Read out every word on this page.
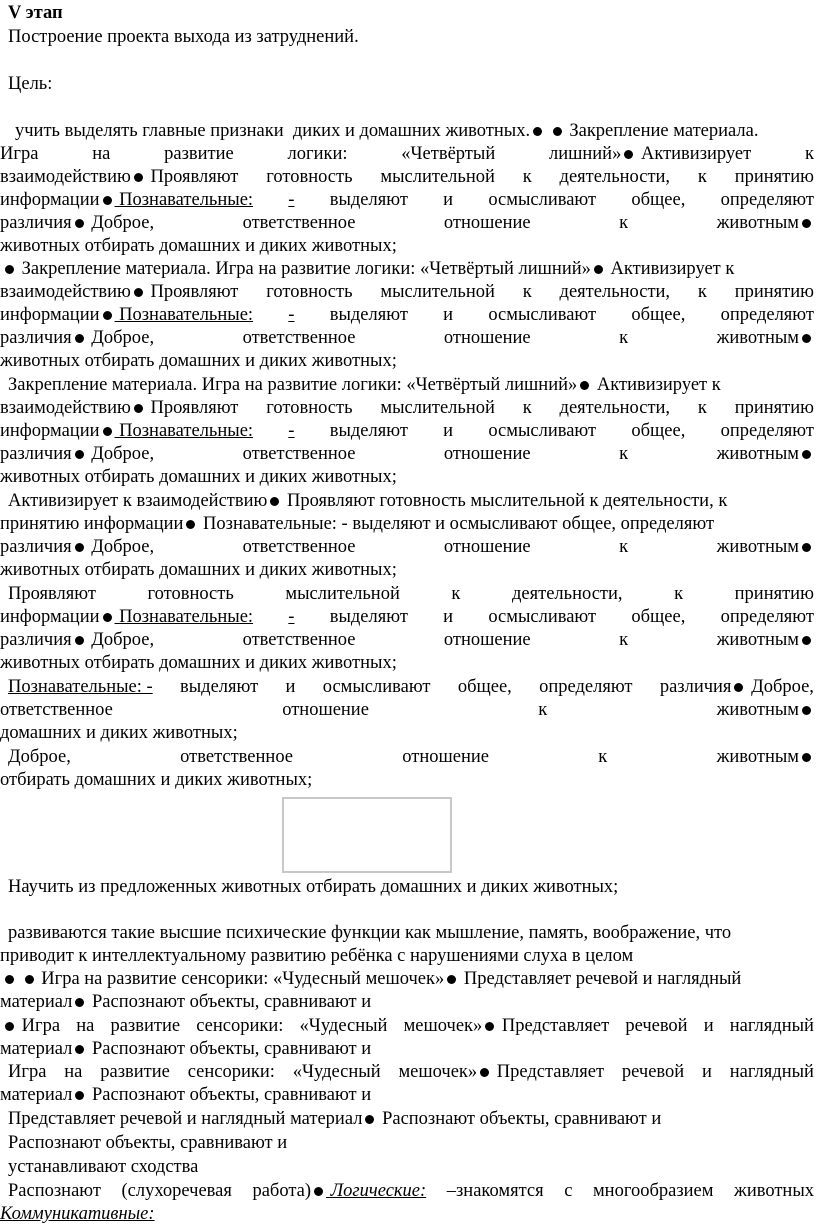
V этап
Построение проекта выхода из затруднений.
Цель:
учить выделять главные признаки  диких и домашних животных.  Закрепление материала.
Игра	на	развитие	логики:	«Четвёртый	лишний» Активизирует	к
взаимодействию Проявляют готовность мыслительной к деятельности, к принятию
информации Познавательные: - выделяют и осмысливают общее, определяют
различия Доброе,	ответственное	отношение	к	животным
животных отбирать домашних и диких животных;
Закрепление материала. Игра на развитие логики: «Четвёртый лишний» Активизирует к
взаимодействию Проявляют готовность мыслительной к деятельности, к принятию
информации Познавательные: - выделяют и осмысливают общее, определяют
различия Доброе,	ответственное	отношение	к	животным
животных отбирать домашних и диких животных;
Закрепление материала. Игра на развитие логики: «Четвёртый лишний» Активизирует к
взаимодействию Проявляют готовность мыслительной к деятельности, к принятию
информации Познавательные: - выделяют и осмысливают общее, определяют
различия Доброе,	ответственное	отношение	к	животным
животных отбирать домашних и диких животных;
Активизирует к взаимодействию Проявляют готовность мыслительной к деятельности, к
принятию информации Познавательные: - выделяют и осмысливают общее, определяют
различия Доброе,	ответственное	отношение	к	животным
животных отбирать домашних и диких животных;
Проявляют	готовность	мыслительной	к	деятельности,	к	принятию
информации Познавательные: - выделяют и осмысливают общее, определяют
различия Доброе,	ответственное	отношение	к	животным
животных отбирать домашних и диких животных;
Познавательные: - выделяют и осмысливают общее, определяют различия Доброе,
ответственное	отношение	к	животным
домашних и диких животных;
Доброе,	ответственное	отношение	к	животным
отбирать домашних и диких животных;
Научить из предложенных животных отбирать домашних и диких животных;
развиваются такие высшие психические функции как мышление, память, воображение, что
приводит к интеллектуальному развитию ребёнка с нарушениями слуха в целом
Игра на развитие сенсорики: «Чудесный мешочек» Представляет речевой и наглядный
материал Распознают объекты, сравнивают и
Игра на развитие сенсорики: «Чудесный мешочек» Представляет речевой и наглядный
материал Распознают объекты, сравнивают и
Игра на развитие сенсорики: «Чудесный мешочек» Представляет речевой и наглядный
материал Распознают объекты, сравнивают и
Представляет речевой и наглядный материал Распознают объекты, сравнивают и
Распознают объекты, сравнивают и
устанавливают сходства
Распознают (слухоречевая работа) Логические: –знакомятся с многообразием животных
Коммуникативные:
